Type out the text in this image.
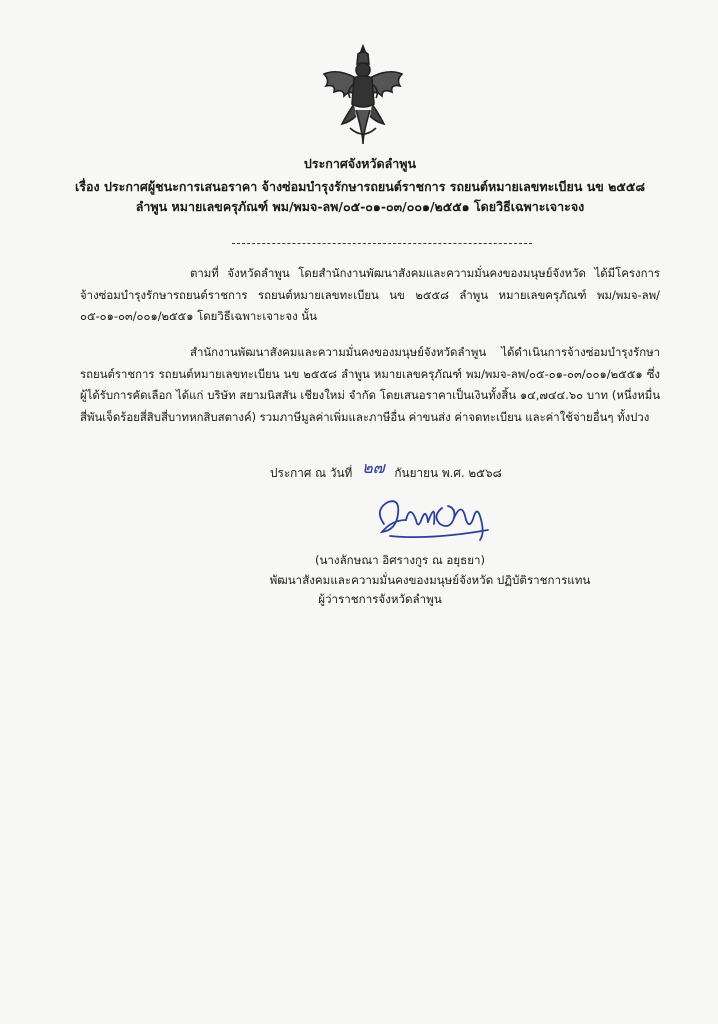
ประกาศจังหวัดลำพูน
เรื่อง ประกาศผู้ชนะการเสนอราคา จ้างซ่อมบำรุงรักษารถยนต์ราชการ รถยนต์หมายเลขทะเบียน นข ๒๕๕๘
ลำพูน หมายเลขครุภัณฑ์ พม/พมจ-ลพ/๐๕-๐๑-๐๓/๐๐๑/๒๕๕๑ โดยวิธีเฉพาะเจาะจง
ตามที่ จังหวัดลำพูน โดยสำนักงานพัฒนาสังคมและความมั่นคงของมนุษย์จังหวัด ได้มีโครงการ จ้างซ่อมบำรุงรักษารถยนต์ราชการ รถยนต์หมายเลขทะเบียน นข ๒๕๕๘ ลำพูน หมายเลขครุภัณฑ์ พม/พมจ-ลพ/๐๕-๐๑-๐๓/๐๐๑/๒๕๕๑ โดยวิธีเฉพาะเจาะจง นั้น
สำนักงานพัฒนาสังคมและความมั่นคงของมนุษย์จังหวัดลำพูน ได้ดำเนินการจ้างซ่อมบำรุงรักษารถยนต์ราชการ รถยนต์หมายเลขทะเบียน นข ๒๕๕๘ ลำพูน หมายเลขครุภัณฑ์ พม/พมจ-ลพ/๐๕-๐๑-๐๓/๐๐๑/๒๕๕๑ ซึ่งผู้ได้รับการคัดเลือก ได้แก่ บริษัท สยามนิสสัน เชียงใหม่ จำกัด โดยเสนอราคาเป็นเงินทั้งสิ้น ๑๔,๗๔๔.๖๐ บาท (หนึ่งหมื่นสี่พันเจ็ดร้อยสี่สิบสี่บาทหกสิบสตางค์) รวมภาษีมูลค่าเพิ่มและภาษีอื่น ค่าขนส่ง ค่าจดทะเบียน และค่าใช้จ่ายอื่นๆ ทั้งปวง
ประกาศ ณ วันที่ ๒๗ กันยายน พ.ศ. ๒๕๖๘
(นางลักษณา อิศรางกูร ณ อยุธยา)
พัฒนาสังคมและความมั่นคงของมนุษย์จังหวัด ปฏิบัติราชการแทน
ผู้ว่าราชการจังหวัดลำพูน
